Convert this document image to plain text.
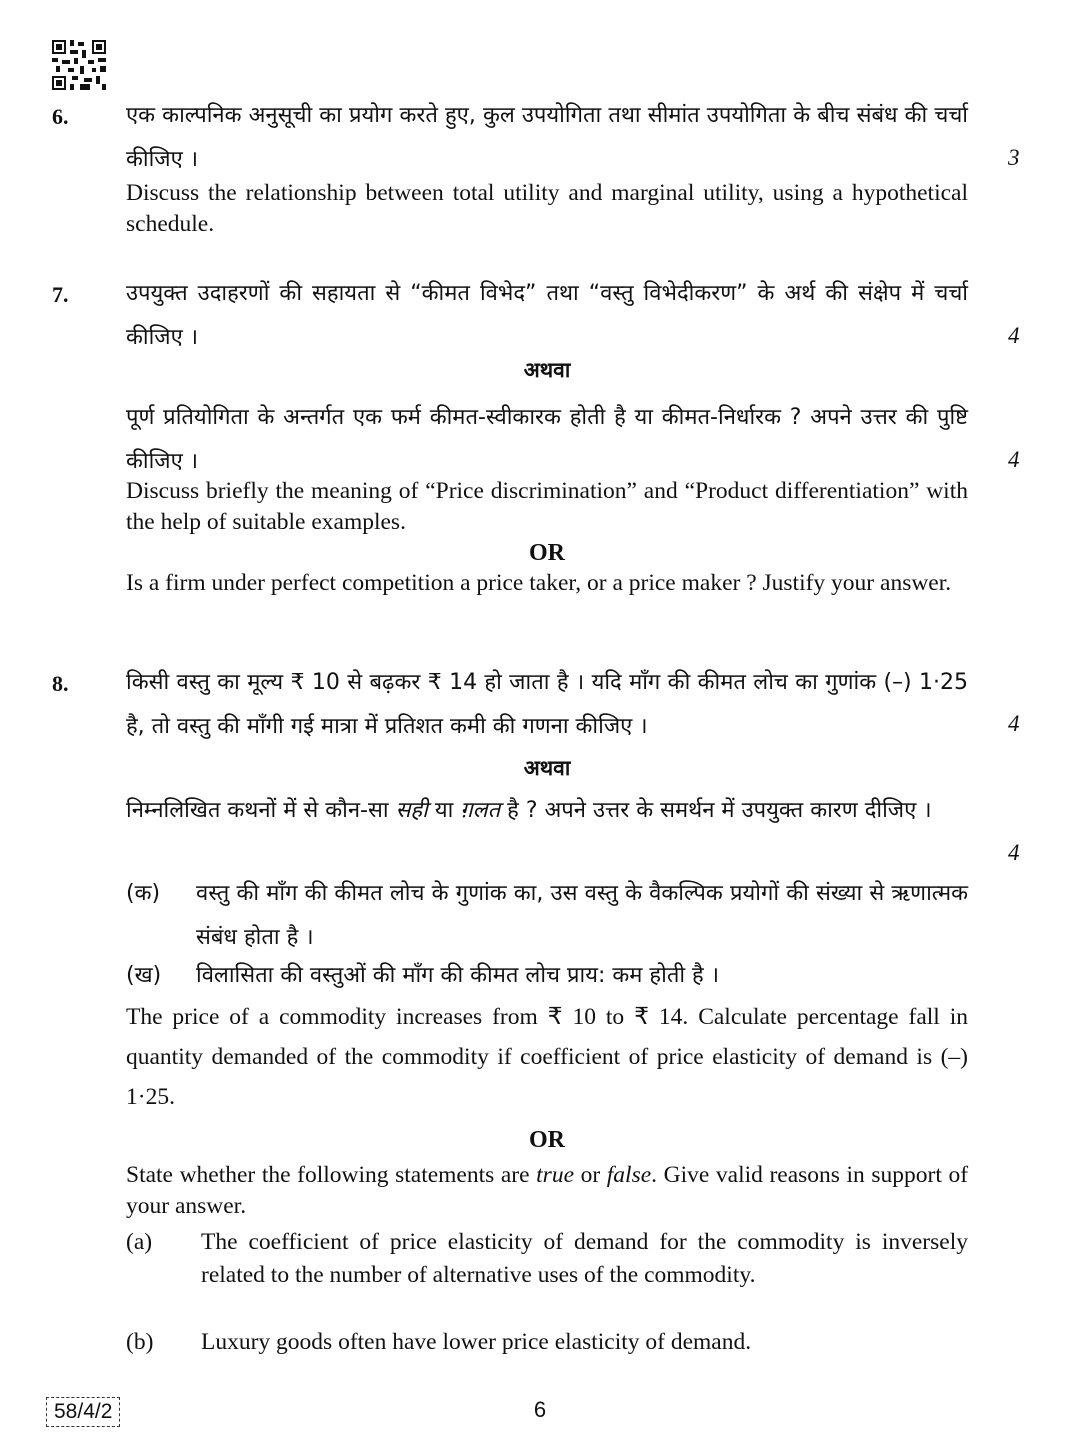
6.	एक काल्पनिक अनुसूची का प्रयोग करते हुए, कुल उपयोगिता तथा सीमांत उपयोगिता के बीच संबंध की चर्चा कीजिए ।	3
Discuss the relationship between total utility and marginal utility, using a hypothetical schedule.
7.	उपयुक्त उदाहरणों की सहायता से “कीमत विभेद” तथा “वस्तु विभेदीकरण” के अर्थ की संक्षेप में चर्चा कीजिए ।	4
अथवा
पूर्ण प्रतियोगिता के अन्तर्गत एक फर्म कीमत-स्वीकारक होती है या कीमत-निर्धारक ? अपने उत्तर की पुष्टि कीजिए ।	4
Discuss briefly the meaning of “Price discrimination” and “Product differentiation” with the help of suitable examples.
OR
Is a firm under perfect competition a price taker, or a price maker ? Justify your answer.
8.	किसी वस्तु का मूल्य ₹ 10 से बढ़कर ₹ 14 हो जाता है । यदि माँग की कीमत लोच का गुणांक (–) 1·25 है, तो वस्तु की माँगी गई मात्रा में प्रतिशत कमी की गणना कीजिए ।	4
अथवा
निम्नलिखित कथनों में से कौन-सा सही या ग़लत है ? अपने उत्तर के समर्थन में उपयुक्त कारण दीजिए ।
4
(क)	वस्तु की माँग की कीमत लोच के गुणांक का, उस वस्तु के वैकल्पिक प्रयोगों की संख्या से ऋणात्मक संबंध होता है ।
(ख)	विलासिता की वस्तुओं की माँग की कीमत लोच प्राय: कम होती है ।
The price of a commodity increases from ₹ 10 to ₹ 14. Calculate percentage fall in quantity demanded of the commodity if coefficient of price elasticity of demand is (–) 1·25.
OR
State whether the following statements are true or false. Give valid reasons in support of your answer.
(a)	The coefficient of price elasticity of demand for the commodity is inversely related to the number of alternative uses of the commodity.
(b)	Luxury goods often have lower price elasticity of demand.
58/4/2	6
